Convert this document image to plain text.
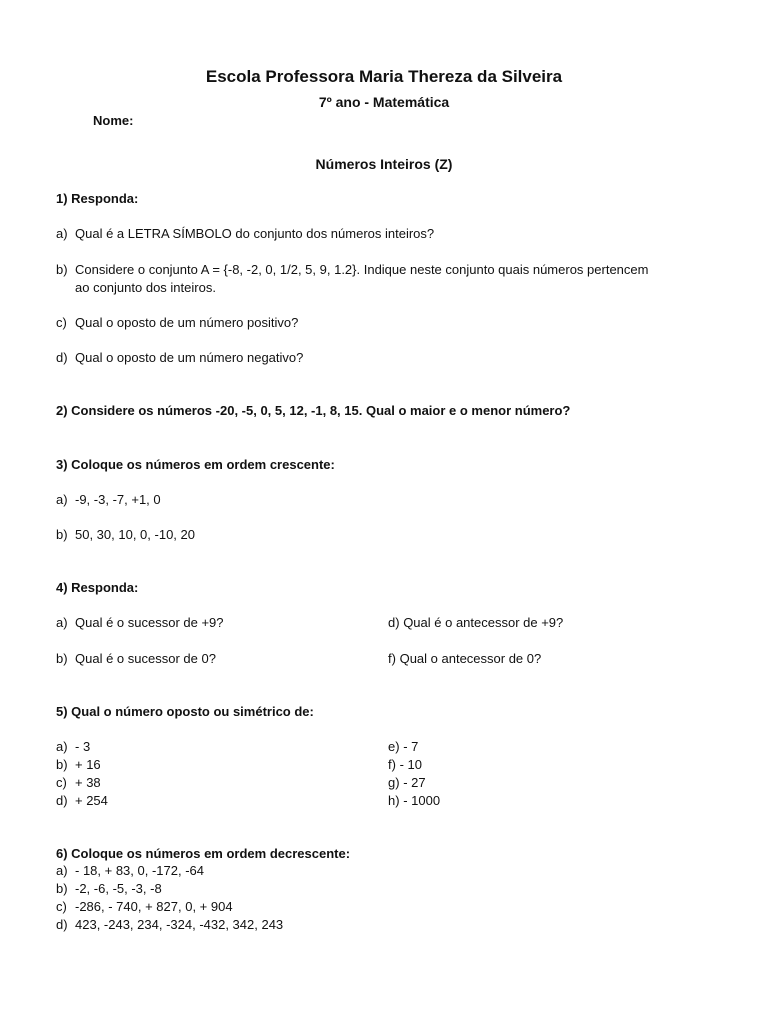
Escola Professora Maria Thereza da Silveira
7º ano - Matemática
Nome:
Números Inteiros (Z)
1) Responda:
a) Qual é a LETRA SÍMBOLO do conjunto dos números inteiros?
b) Considere o conjunto A = {-8, -2, 0, 1/2, 5, 9, 1.2}. Indique neste conjunto quais números pertencem
ao conjunto dos inteiros.
c) Qual o oposto de um número positivo?
d) Qual o oposto de um número negativo?
2) Considere os números -20, -5, 0, 5, 12, -1, 8, 15. Qual o maior e o menor número?
3) Coloque os números em ordem crescente:
a) -9, -3, -7, +1, 0
b) 50, 30, 10, 0, -10, 20
4) Responda:
a) Qual é o sucessor de +9?
b) Qual é o sucessor de 0?
d) Qual é o antecessor de +9?
f) Qual o antecessor de 0?
5) Qual o número oposto ou simétrico de:
a) - 3
b) + 16
c) + 38
d) + 254
e) - 7
f) - 10
g) - 27
h) - 1000
6) Coloque os números em ordem decrescente:
a) - 18, + 83, 0, -172, -64
b) -2, -6, -5, -3, -8
c) -286, - 740, + 827, 0, + 904
d) 423, -243, 234, -324, -432, 342, 243
